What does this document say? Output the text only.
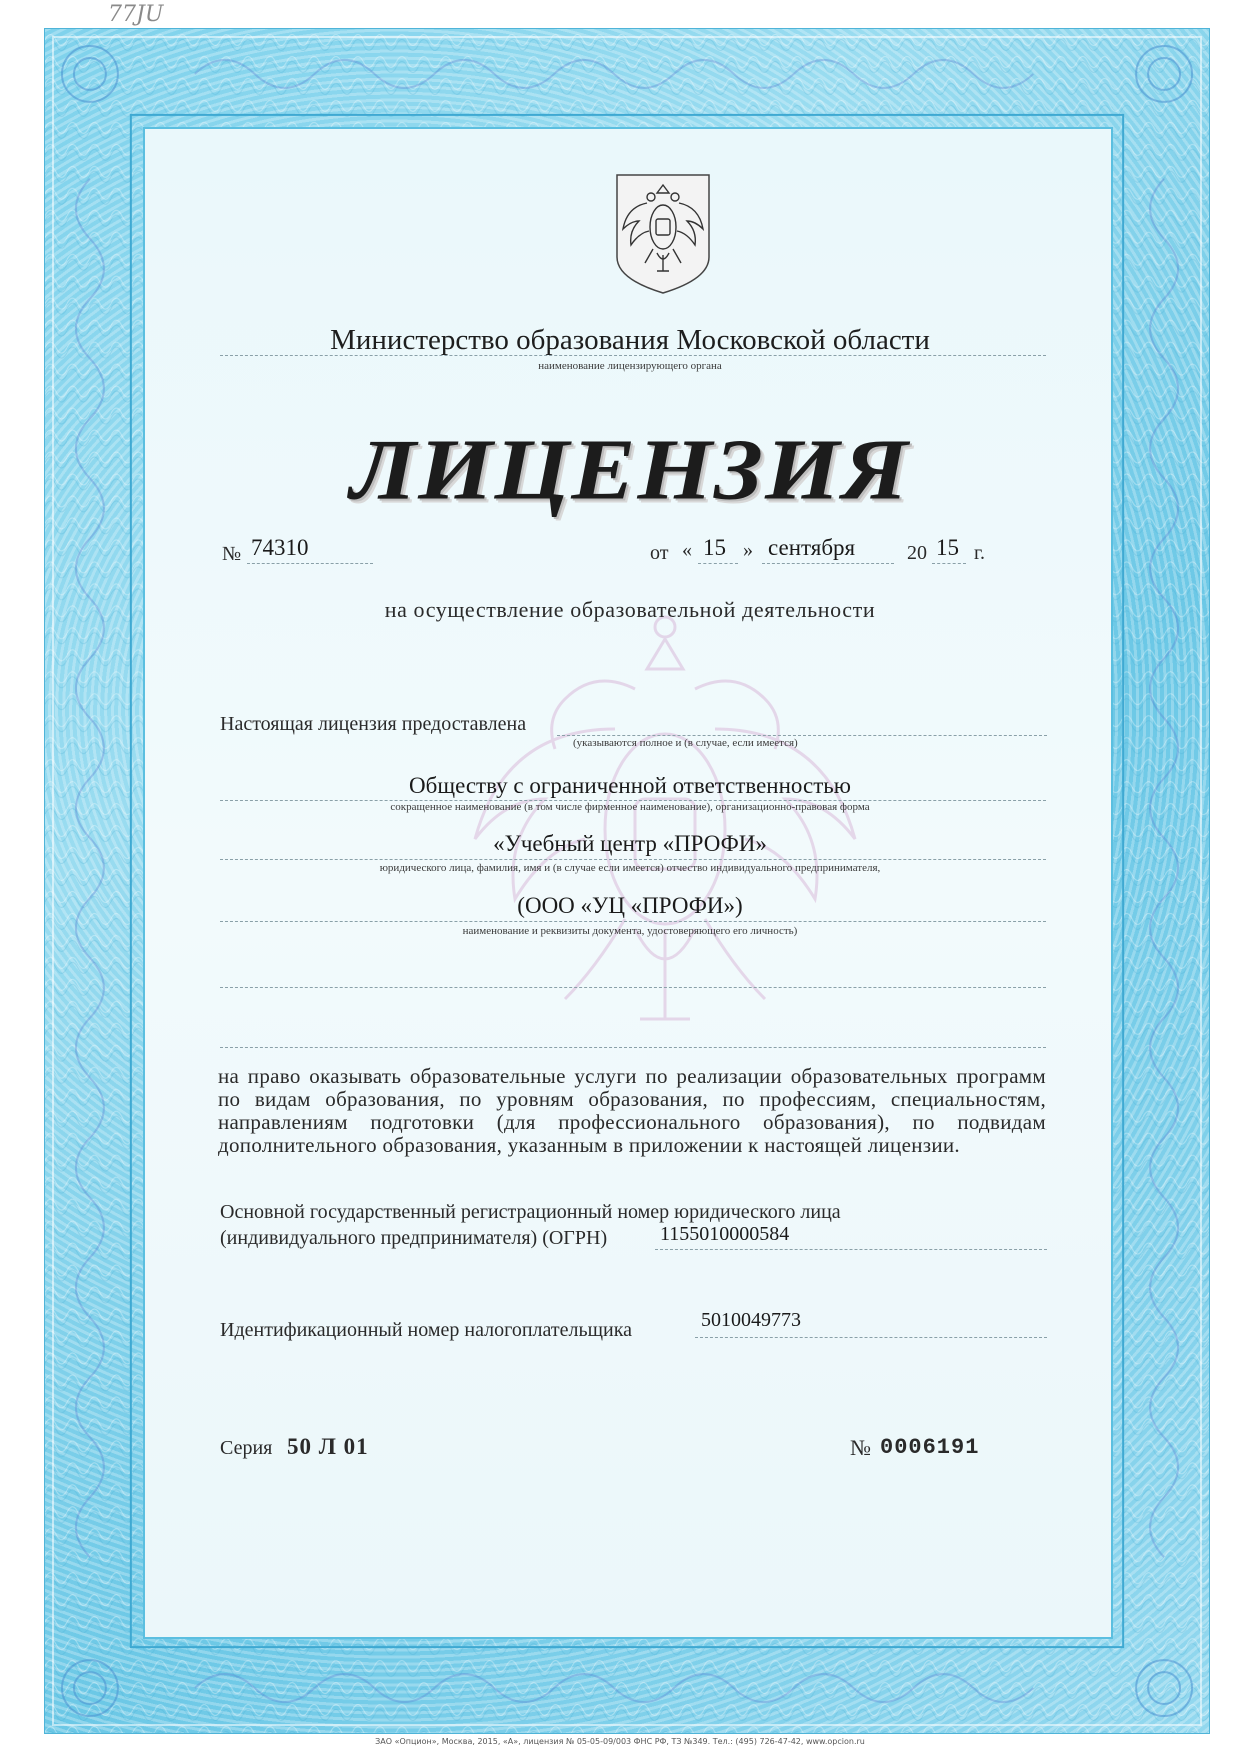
77JU
Министерство образования Московской области
наименование лицензирующего органа
ЛИЦЕНЗИЯ
№ 74310	от « 15 » сентября	20 15 г.
на осуществление образовательной деятельности
Настоящая лицензия предоставлена
(указываются полное и (в случае, если имеется)
Обществу с ограниченной ответственностью
сокращенное наименование (в том числе фирменное наименование), организационно-правовая форма
«Учебный центр «ПРОФИ»
юридического лица, фамилия, имя и (в случае если имеется) отчество индивидуального предпринимателя,
(ООО «УЦ «ПРОФИ»)
наименование и реквизиты документа, удостоверяющего его личность)
на право оказывать образовательные услуги по реализации образовательных программ по видам образования, по уровням образования, по профессиям, специальностям, направлениям подготовки (для профессионального образования), по подвидам дополнительного образования, указанным в приложении к настоящей лицензии.
Основной государственный регистрационный номер юридического лица
(индивидуального предпринимателя) (ОГРН)	1155010000584
Идентификационный номер налогоплательщика	5010049773
Серия 50 Л 01	№ 0006191
ЗАО «Опцион», Москва, 2015, «А», лицензия № 05-05-09/003 ФНС РФ, ТЗ №349. Тел.: (495) 726-47-42, www.opcion.ru
